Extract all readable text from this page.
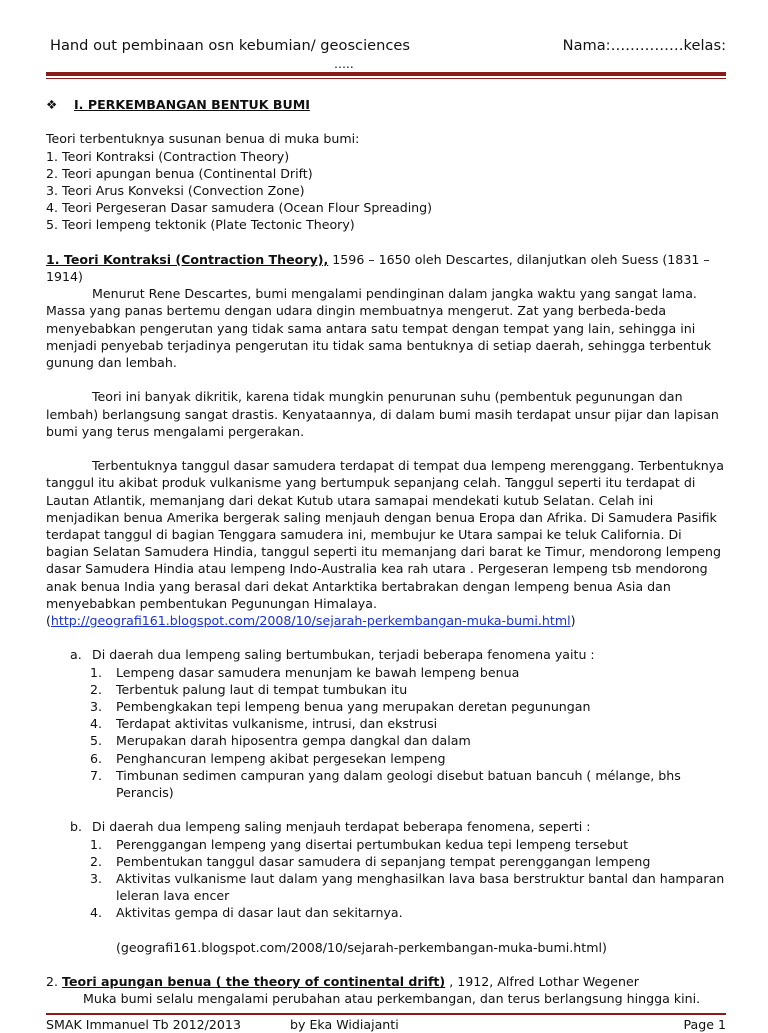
Hand out pembinaan osn kebumian/ geosciences	Nama:……………kelas:
…..

❖ I. PERKEMBANGAN BENTUK BUMI

Teori terbentuknya susunan benua di muka bumi:

1. Teori Kontraksi (Contraction Theory)

2. Teori apungan benua (Continental Drift)

3. Teori Arus Konveksi (Convection Zone)

4. Teori Pergeseran Dasar samudera (Ocean Flour Spreading)

5. Teori lempeng tektonik (Plate Tectonic Theory)

1. Teori Kontraksi (Contraction Theory), 1596 – 1650 oleh Descartes, dilanjutkan oleh Suess (1831 – 1914)

Menurut Rene Descartes, bumi mengalami pendinginan dalam jangka waktu yang sangat lama. Massa yang panas bertemu dengan udara dingin membuatnya mengerut. Zat yang berbeda-beda menyebabkan pengerutan yang tidak sama antara satu tempat dengan tempat yang lain, sehingga ini menjadi penyebab terjadinya pengerutan itu tidak sama bentuknya di setiap daerah, sehingga terbentuk gunung dan lembah.

Teori ini banyak dikritik, karena tidak mungkin penurunan suhu (pembentuk pegunungan dan lembah) berlangsung sangat drastis. Kenyataannya, di dalam bumi masih terdapat unsur pijar dan lapisan bumi yang terus mengalami pergerakan.

Terbentuknya tanggul dasar samudera terdapat di tempat dua lempeng merenggang. Terbentuknya tanggul itu akibat produk vulkanisme yang bertumpuk sepanjang celah. Tanggul seperti itu terdapat di Lautan Atlantik, memanjang dari dekat Kutub utara samapai mendekati kutub Selatan. Celah ini menjadikan benua Amerika bergerak saling menjauh dengan benua Eropa dan Afrika. Di Samudera Pasifik terdapat tanggul di bagian Tenggara samudera ini, membujur ke Utara sampai ke teluk California. Di bagian Selatan Samudera Hindia, tanggul seperti itu memanjang dari barat ke Timur, mendorong lempeng dasar Samudera Hindia atau lempeng Indo-Australia kea rah utara . Pergeseran lempeng tsb mendorong anak benua India yang berasal dari dekat Antarktika bertabrakan dengan lempeng benua Asia dan menyebabkan pembentukan Pegunungan Himalaya.

(http://geografi161.blogspot.com/2008/10/sejarah-perkembangan-muka-bumi.html)

a. Di daerah dua lempeng saling bertumbukan, terjadi beberapa fenomena yaitu :

1. Lempeng dasar samudera menunjam ke bawah lempeng benua

2. Terbentuk palung laut di tempat tumbukan itu

3. Pembengkakan tepi lempeng benua yang merupakan deretan pegunungan

4. Terdapat aktivitas vulkanisme, intrusi, dan ekstrusi

5. Merupakan darah hiposentra gempa dangkal dan dalam

6. Penghancuran lempeng akibat pergesekan lempeng

7. Timbunan sedimen campuran yang dalam geologi disebut batuan bancuh ( mélange, bhs Perancis)

b. Di daerah dua lempeng saling menjauh terdapat beberapa fenomena, seperti :

1. Perenggangan lempeng yang disertai pertumbukan kedua tepi lempeng tersebut

2. Pembentukan tanggul dasar samudera di sepanjang tempat perenggangan lempeng

3. Aktivitas vulkanisme laut dalam yang menghasilkan lava basa berstruktur bantal dan hamparan leleran lava encer

4. Aktivitas gempa di dasar laut dan sekitarnya.

(geografi161.blogspot.com/2008/10/sejarah-perkembangan-muka-bumi.html)

2. Teori apungan benua ( the theory of continental drift) , 1912, Alfred Lothar Wegener

Muka bumi selalu mengalami perubahan atau perkembangan, dan terus berlangsung hingga kini.

SMAK Immanuel Tb 2012/2013	by Eka Widiajanti	Page 1
